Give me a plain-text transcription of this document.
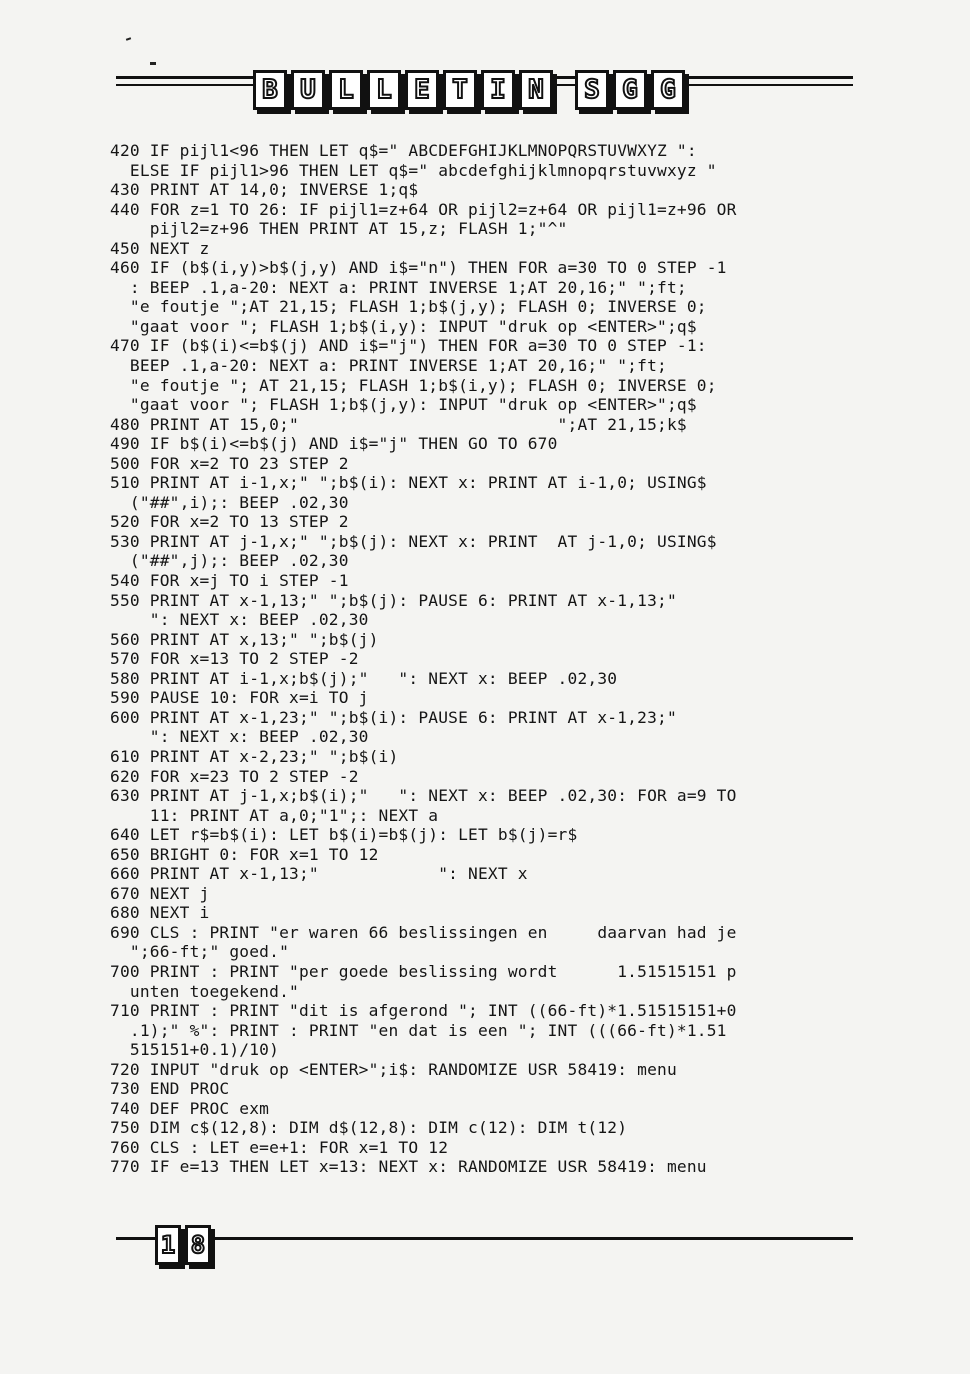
B U L L E T I N	S G G
420 IF pijl1<96 THEN LET q$=" ABCDEFGHIJKLMNOPQRSTUVWXYZ ":
ELSE IF pijl1>96 THEN LET q$=" abcdefghijklmnopqrstuvwxyz "
430 PRINT AT 14,0; INVERSE 1;q$
440 FOR z=1 TO 26: IF pijl1=z+64 OR pijl2=z+64 OR pijl1=z+96 OR
pijl2=z+96 THEN PRINT AT 15,z; FLASH 1;"^"
450 NEXT z
460 IF (b$(i,y)>b$(j,y) AND i$="n") THEN FOR a=30 TO 0 STEP -1
: BEEP .1,a-20: NEXT a: PRINT INVERSE 1;AT 20,16;" ";ft;
"e foutje ";AT 21,15; FLASH 1;b$(j,y); FLASH 0; INVERSE 0;
"gaat voor "; FLASH 1;b$(i,y): INPUT "druk op <ENTER>";q$
470 IF (b$(i)<=b$(j) AND i$="j") THEN FOR a=30 TO 0 STEP -1:
BEEP .1,a-20: NEXT a: PRINT INVERSE 1;AT 20,16;" ";ft;
"e foutje "; AT 21,15; FLASH 1;b$(i,y); FLASH 0; INVERSE 0;
"gaat voor "; FLASH 1;b$(j,y): INPUT "druk op <ENTER>";q$
480 PRINT AT 15,0;"                          ";AT 21,15;k$
490 IF b$(i)<=b$(j) AND i$="j" THEN GO TO 670
500 FOR x=2 TO 23 STEP 2
510 PRINT AT i-1,x;" ";b$(i): NEXT x: PRINT AT i-1,0; USING$
("##",i);: BEEP .02,30
520 FOR x=2 TO 13 STEP 2
530 PRINT AT j-1,x;" ";b$(j): NEXT x: PRINT  AT j-1,0; USING$
("##",j);: BEEP .02,30
540 FOR x=j TO i STEP -1
550 PRINT AT x-1,13;" ";b$(j): PAUSE 6: PRINT AT x-1,13;"
": NEXT x: BEEP .02,30
560 PRINT AT x,13;" ";b$(j)
570 FOR x=13 TO 2 STEP -2
580 PRINT AT i-1,x;b$(j);"   ": NEXT x: BEEP .02,30
590 PAUSE 10: FOR x=i TO j
600 PRINT AT x-1,23;" ";b$(i): PAUSE 6: PRINT AT x-1,23;"
": NEXT x: BEEP .02,30
610 PRINT AT x-2,23;" ";b$(i)
620 FOR x=23 TO 2 STEP -2
630 PRINT AT j-1,x;b$(i);"   ": NEXT x: BEEP .02,30: FOR a=9 TO
11: PRINT AT a,0;"1";: NEXT a
640 LET r$=b$(i): LET b$(i)=b$(j): LET b$(j)=r$
650 BRIGHT 0: FOR x=1 TO 12
660 PRINT AT x-1,13;"            ": NEXT x
670 NEXT j
680 NEXT i
690 CLS : PRINT "er waren 66 beslissingen en     daarvan had je
";66-ft;" goed."
700 PRINT : PRINT "per goede beslissing wordt      1.51515151 p
unten toegekend."
710 PRINT : PRINT "dit is afgerond "; INT ((66-ft)*1.51515151+0
.1);" %": PRINT : PRINT "en dat is een "; INT (((66-ft)*1.51
515151+0.1)/10)
720 INPUT "druk op <ENTER>";i$: RANDOMIZE USR 58419: menu
730 END PROC
740 DEF PROC exm
750 DIM c$(12,8): DIM d$(12,8): DIM c(12): DIM t(12)
760 CLS : LET e=e+1: FOR x=1 TO 12
770 IF e=13 THEN LET x=13: NEXT x: RANDOMIZE USR 58419: menu
1 8
